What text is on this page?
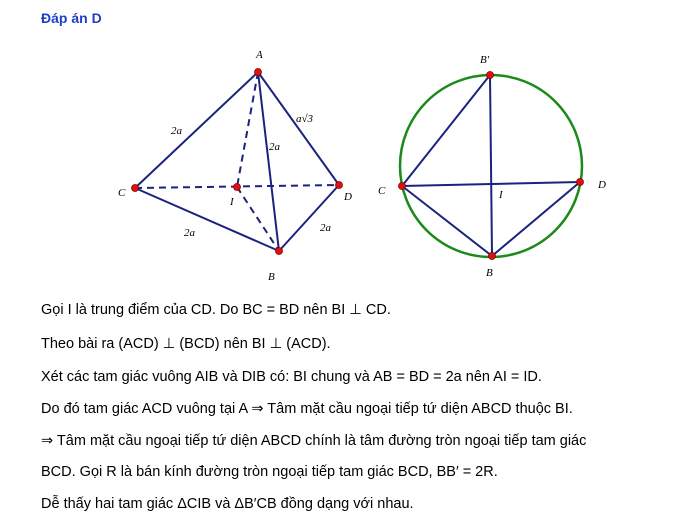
Đáp án D
A
B
C	D
I
2a
a√3
2a
2a	2a
B′
C	D
I
B
Gọi I là trung điểm của CD. Do BC = BD nên BI ⊥ CD.
Theo bài ra (ACD) ⊥ (BCD) nên BI ⊥ (ACD).
Xét các tam giác vuông AIB và DIB có: BI chung và AB = BD = 2a nên AI = ID.
Do đó tam giác ACD vuông tại A ⇒ Tâm mặt cầu ngoại tiếp tứ diện ABCD thuộc BI.
⇒ Tâm mặt cầu ngoại tiếp tứ diện ABCD chính là tâm đường tròn ngoại tiếp tam giác
BCD. Gọi R là bán kính đường tròn ngoại tiếp tam giác BCD, BB′ = 2R.
Dễ thấy hai tam giác ΔCIB và ΔB′CB đồng dạng với nhau.
